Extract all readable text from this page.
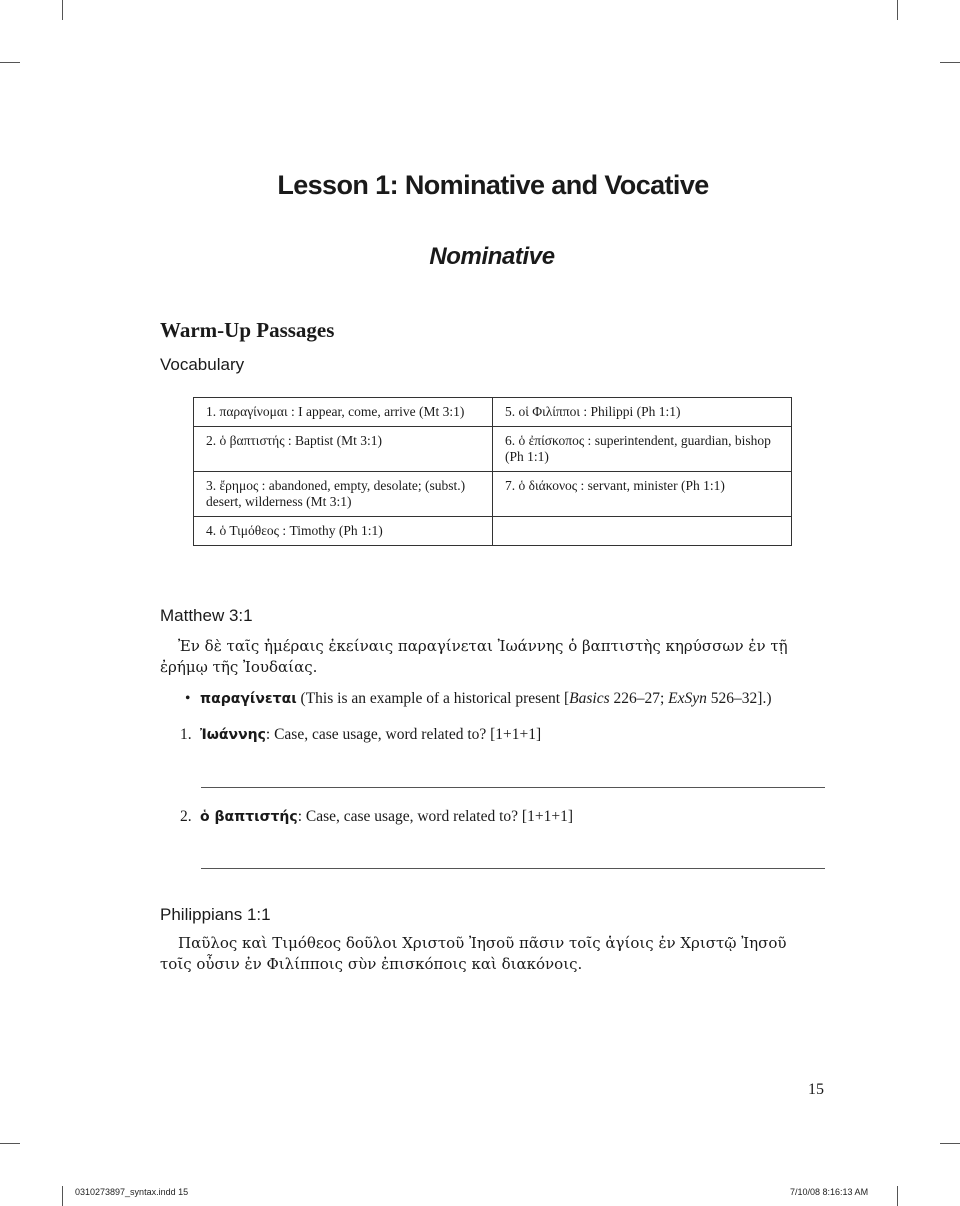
Lesson 1: Nominative and Vocative
Nominative
Warm-Up Passages
Vocabulary
1. παραγίνομαι : I appear, come, arrive (Mt 3:1)	5. οἱ Φιλίπποι : Philippi (Ph 1:1)
2. ὁ βαπτιστής : Baptist (Mt 3:1)	6. ὁ ἐπίσκοπος : superintendent, guardian, bishop (Ph 1:1)
3. ἔρημος : abandoned, empty, desolate; (subst.) desert, wilderness (Mt 3:1)	7. ὁ διάκονος : servant, minister (Ph 1:1)
4. ὁ Τιμόθεος : Timothy (Ph 1:1)	
Matthew 3:1
Ἐν δὲ ταῖς ἡμέραις ἐκείναις παραγίνεται Ἰωάννης ὁ βαπτιστὴς κηρύσσων ἐν τῇ ἐρήμῳ τῆς Ἰουδαίας.
• παραγίνεται (This is an example of a historical present [Basics 226–27; ExSyn 526–32].)
1. Ἰωάννης: Case, case usage, word related to? [1+1+1]
2. ὁ βαπτιστής: Case, case usage, word related to? [1+1+1]
Philippians 1:1
Παῦλος καὶ Τιμόθεος δοῦλοι Χριστοῦ Ἰησοῦ πᾶσιν τοῖς ἁγίοις ἐν Χριστῷ Ἰησοῦ τοῖς οὖσιν ἐν Φιλίπποις σὺν ἐπισκόποις καὶ διακόνοις.
15
0310273897_syntax.indd 15	7/10/08 8:16:13 AM
